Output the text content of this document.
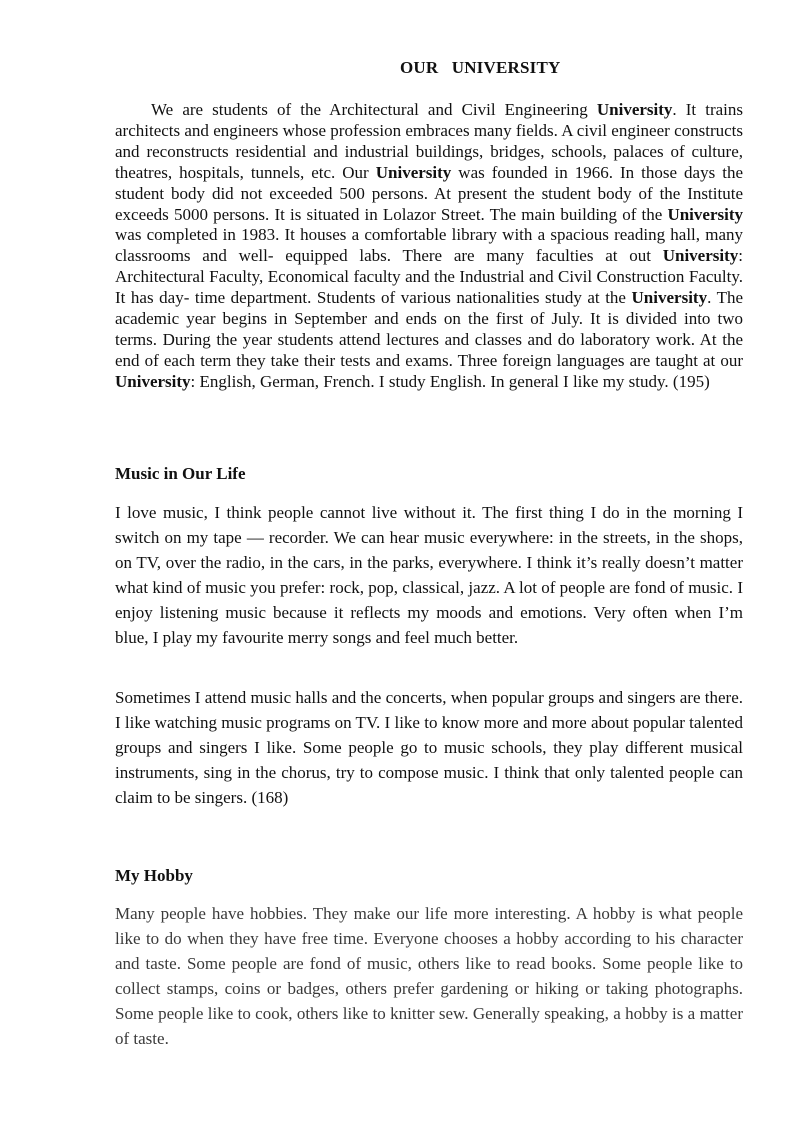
OUR   UNIVERSITY

We are students of the Architectural and Civil Engineering University. It trains architects and engineers whose profession embraces many fields. A civil engineer constructs and reconstructs residential and industrial buildings, bridges, schools, palaces of culture, theatres, hospitals, tunnels, etc. Our University was founded in 1966. In those days the student body did not exceeded 500 persons. At present the student body of the Institute exceeds 5000 persons. It is situated in Lolazor Street. The main building of the University was completed in 1983. It houses a comfortable library with a spacious reading hall, many classrooms and well- equipped labs. There are many faculties at out University: Architectural Faculty, Economical faculty and the Industrial and Civil Construction Faculty. It has day- time department. Students of various nationalities study at the University. The academic year begins in September and ends on the first of July. It is divided into two terms. During the year students attend lectures and classes and do laboratory work. At the end of each term they take their tests and exams. Three foreign languages are taught at our University: English, German, French. I study English. In general I like my study. (195)

Music in Our Life

I love music, I think people cannot live without it. The first thing I do in the morning I switch on my tape — recorder. We can hear music everywhere: in the streets, in the shops, on TV, over the radio, in the cars, in the parks, everywhere. I think it’s really doesn’t matter what kind of music you prefer: rock, pop, classical, jazz. A lot of people are fond of music. I enjoy listening music because it reflects my moods and emotions. Very often when I’m blue, I play my favourite merry songs and feel much better.

Sometimes I attend music halls and the concerts, when popular groups and singers are there. I like watching music programs on TV. I like to know more and more about popular talented groups and singers I like. Some people go to music schools, they play different musical instruments, sing in the chorus, try to compose music. I think that only talented people can claim to be singers. (168)

My Hobby

Many people have hobbies. They make our life more interesting. A hobby is what people like to do when they have free time. Everyone chooses a hobby according to his character and taste. Some people are fond of music, others like to read books. Some people like to collect stamps, coins or badges, others prefer gardening or hiking or taking photographs. Some people like to cook, others like to knitter sew. Generally speaking, a hobby is a matter of taste.
